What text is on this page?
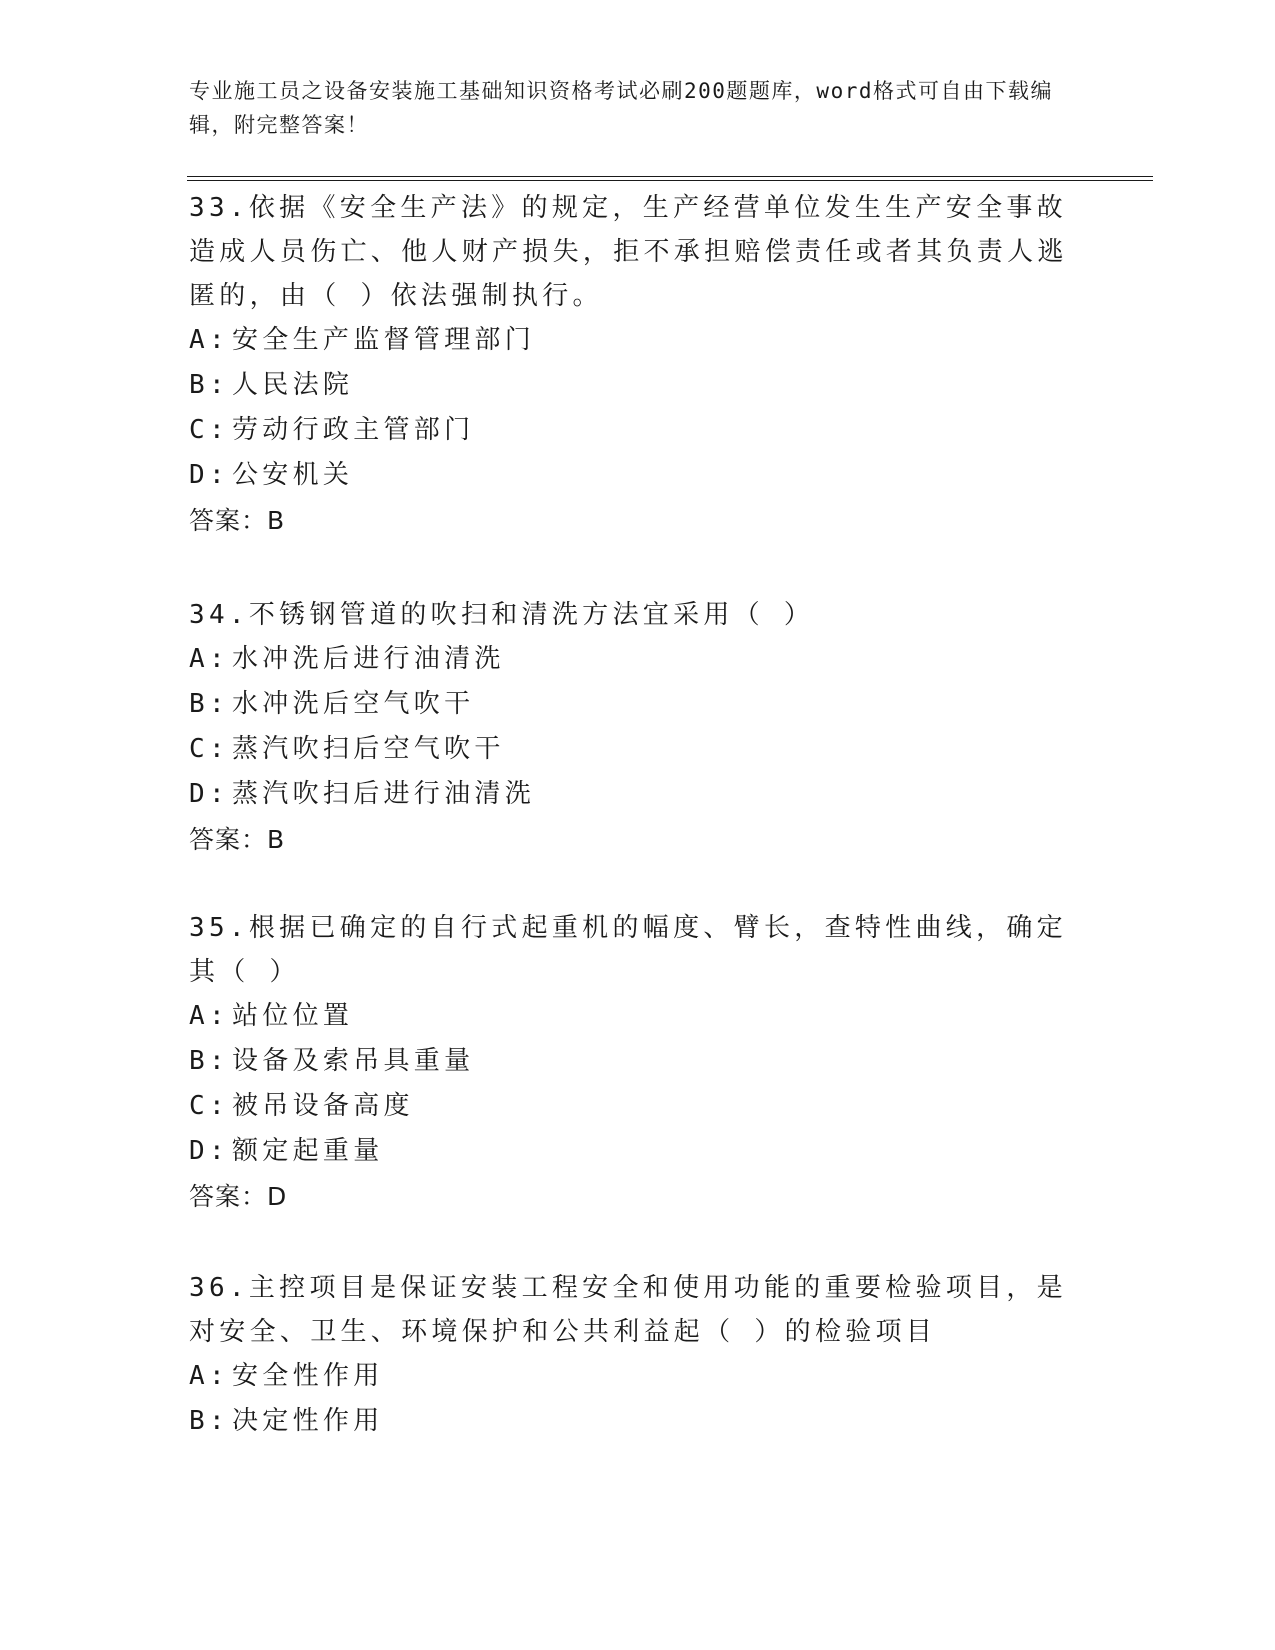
专业施工员之设备安装施工基础知识资格考试必刷200题题库，word格式可自由下载编辑，附完整答案！
33.依据《安全生产法》的规定，生产经营单位发生生产安全事故造成人员伤亡、他人财产损失，拒不承担赔偿责任或者其负责人逃匿的，由（ ）依法强制执行。
A: 安全生产监督管理部门
B: 人民法院
C: 劳动行政主管部门
D: 公安机关
答案：B
34.不锈钢管道的吹扫和清洗方法宜采用（ ）
A: 水冲洗后进行油清洗
B: 水冲洗后空气吹干
C: 蒸汽吹扫后空气吹干
D: 蒸汽吹扫后进行油清洗
答案：B
35.根据已确定的自行式起重机的幅度、臂长，查特性曲线，确定其（ ）
A: 站位位置
B: 设备及索吊具重量
C: 被吊设备高度
D: 额定起重量
答案：D
36.主控项目是保证安装工程安全和使用功能的重要检验项目，是对安全、卫生、环境保护和公共利益起（ ）的检验项目
A: 安全性作用
B: 决定性作用
